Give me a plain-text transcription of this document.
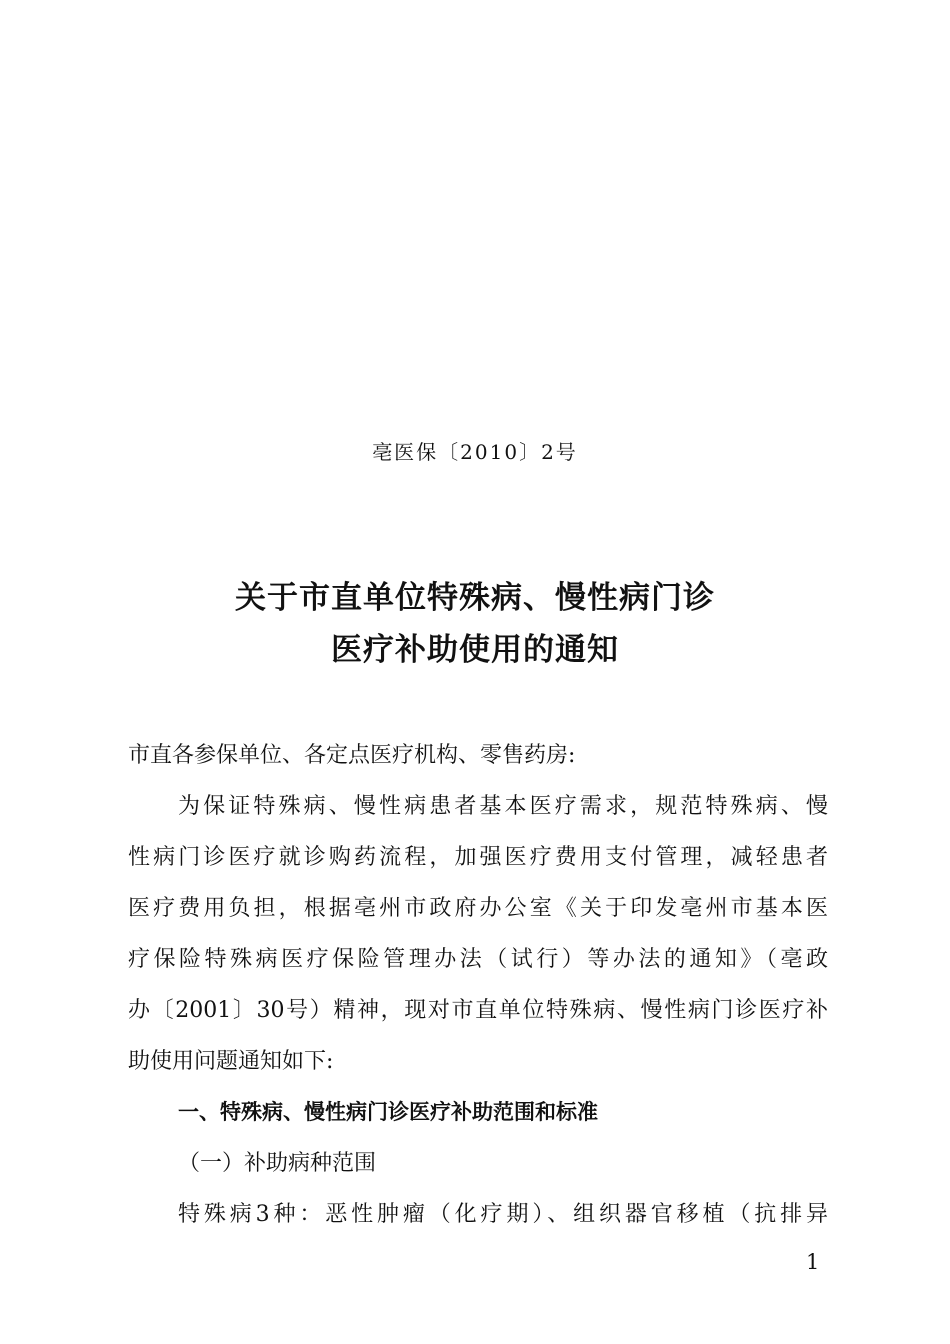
亳医保〔2010〕2号
关于市直单位特殊病、慢性病门诊
医疗补助使用的通知
市直各参保单位、各定点医疗机构、零售药房:
为保证特殊病、慢性病患者基本医疗需求，规范特殊病、慢
性病门诊医疗就诊购药流程，加强医疗费用支付管理，减轻患者
医疗费用负担，根据亳州市政府办公室《关于印发亳州市基本医
疗保险特殊病医疗保险管理办法（试行）等办法的通知》（亳政
办〔2001〕30号）精神，现对市直单位特殊病、慢性病门诊医疗补
助使用问题通知如下:
一、特殊病、慢性病门诊医疗补助范围和标准
（一）补助病种范围
特殊病3种：恶性肿瘤（化疗期）、组织器官移植（抗排异
1
